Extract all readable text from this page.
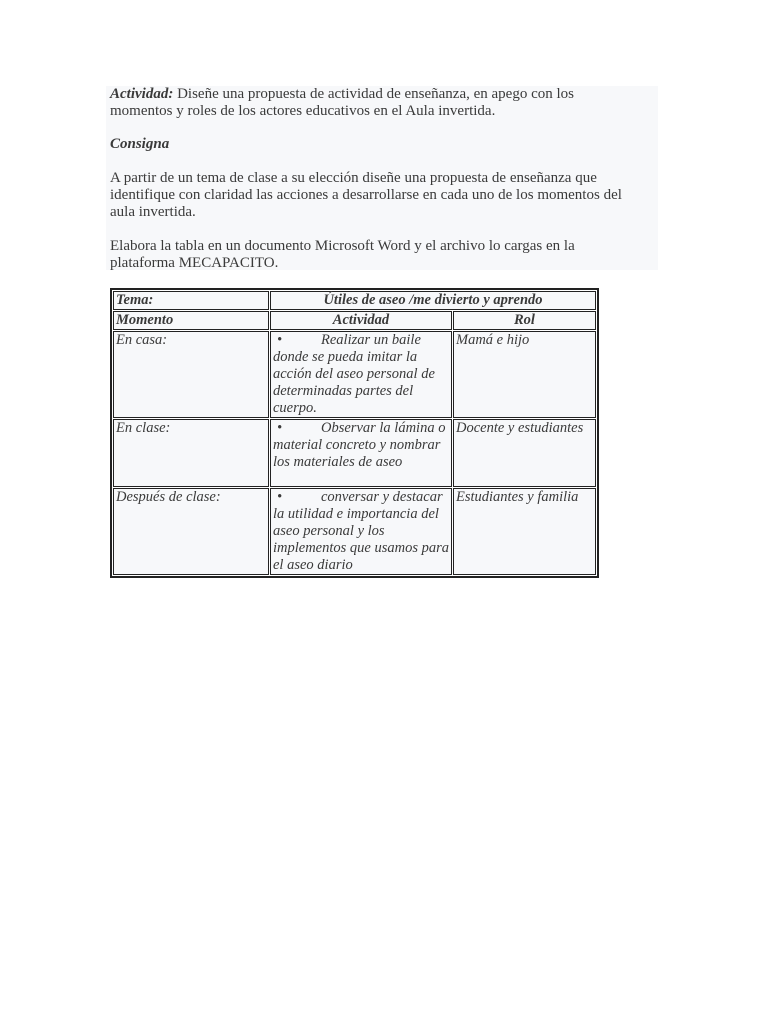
Actividad: Diseñe una propuesta de actividad de enseñanza, en apego con los momentos y roles de los actores educativos en el Aula invertida.

Consigna

A partir de un tema de clase a su elección diseñe una propuesta de enseñanza que identifique con claridad las acciones a desarrollarse en cada uno de los momentos del aula invertida.

Elabora la tabla en un documento Microsoft Word y el archivo lo cargas en la plataforma MECAPACITO.

Tema:	Útiles de aseo /me divierto y aprendo	
Momento	Actividad	Rol
En casa:	• Realizar un baile donde se pueda imitar la acción del aseo personal de determinadas partes del cuerpo.	Mamá e hijo
En clase:	• Observar la lámina o material concreto y nombrar los materiales de aseo	Docente y estudiantes
Después de clase:	• conversar y destacar la utilidad e importancia del aseo personal y los implementos que usamos para el aseo diario	Estudiantes y familia
